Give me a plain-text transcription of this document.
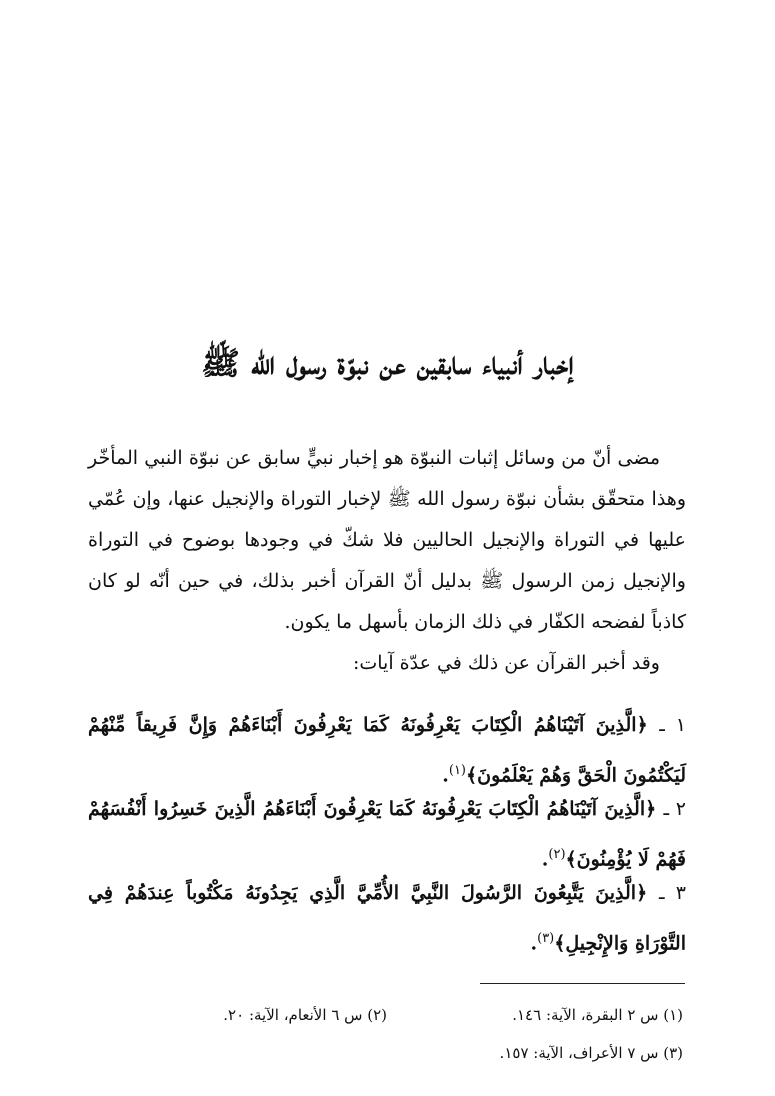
إخبار أنبياء سابقين عن نبوّة رسول الله ﷺ

مضى أنّ من وسائل إثبات النبوّة هو إخبار نبيٍّ سابق عن نبوّة النبي المأخّر وهذا متحقّق بشأن نبوّة رسول الله ﷺ لإخبار التوراة والإنجيل عنها، وإن عُمّي عليها في التوراة والإنجيل الحاليين فلا شكّ في وجودها بوضوح في التوراة والإنجيل زمن الرسول ﷺ بدليل أنّ القرآن أخبر بذلك، في حين أنّه لو كان كاذباً لفضحه الكفّار في ذلك الزمان بأسهل ما يكون.

وقد أخبر القرآن عن ذلك في عدّة آيات:

١ ـ ﴿الَّذِينَ آتَيْنَاهُمُ الْكِتَابَ يَعْرِفُونَهُ كَمَا يَعْرِفُونَ أَبْنَاءَهُمْ وَإِنَّ فَرِيقاً مِّنْهُمْ لَيَكْتُمُونَ الْحَقَّ وَهُمْ يَعْلَمُونَ﴾$^{(١)}$.
٢ ـ ﴿الَّذِينَ آتَيْنَاهُمُ الْكِتَابَ يَعْرِفُونَهُ كَمَا يَعْرِفُونَ أَبْنَاءَهُمُ الَّذِينَ خَسِرُوا أَنْفُسَهُمْ فَهُمْ لَا يُؤْمِنُونَ﴾$^{(٢)}$.
٣ ـ ﴿الَّذِينَ يَتَّبِعُونَ الرَّسُولَ النَّبِيَّ الأُمِّيَّ الَّذِي يَجِدُونَهُ مَكْتُوباً عِندَهُمْ فِي التَّوْرَاةِ وَالإِنْجِيلِ﴾$^{(٣)}$.
(١) س ٢ البقرة، الآية: ١٤٦.
(٢) س ٦ الأنعام، الآية: ٢٠.
(٣) س ٧ الأعراف، الآية: ١٥٧.
